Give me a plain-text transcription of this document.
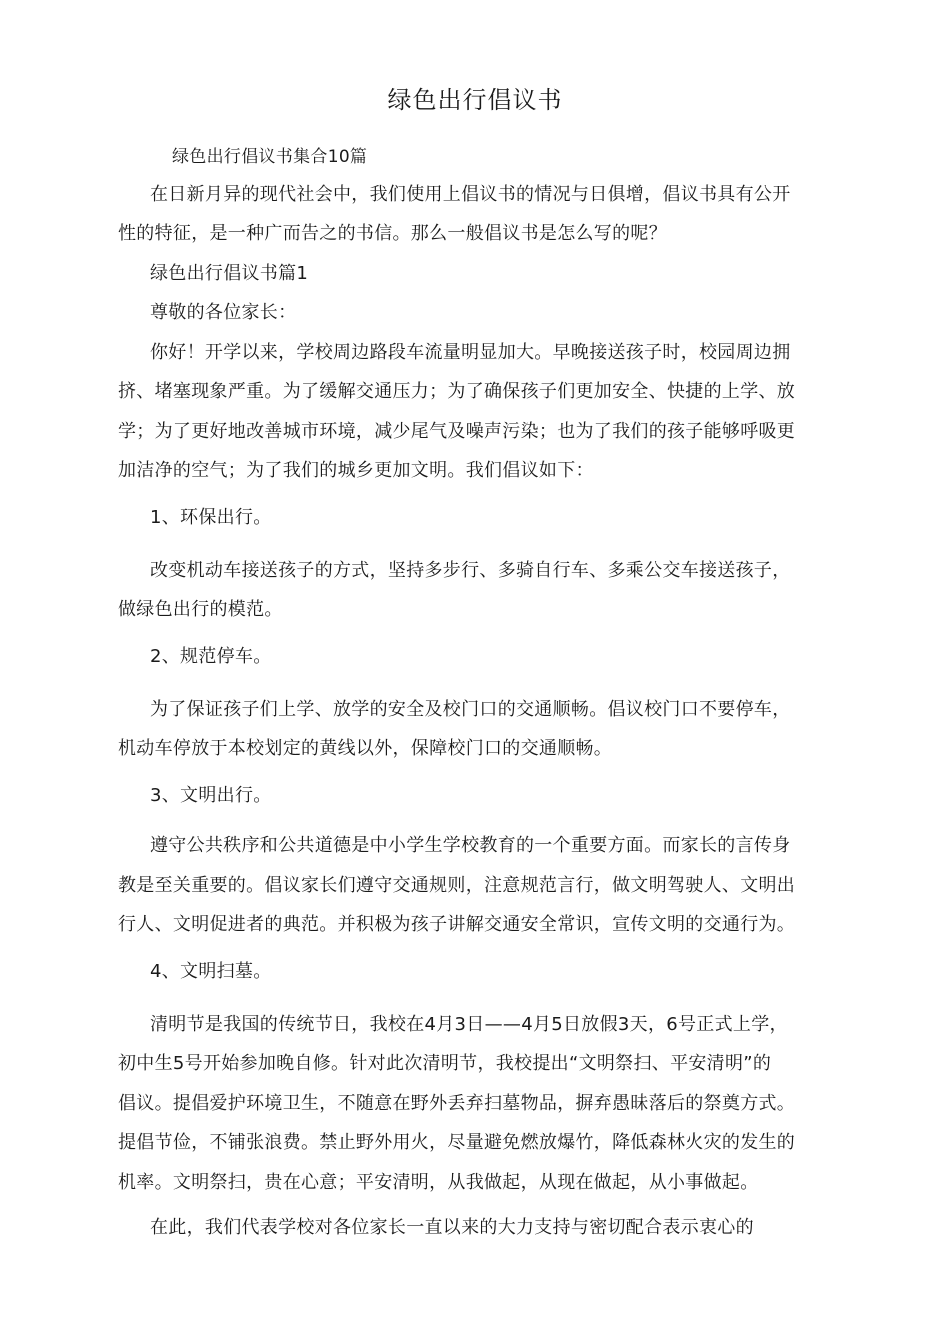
绿色出行倡议书
绿色出行倡议书集合10篇
在日新月异的现代社会中，我们使用上倡议书的情况与日俱增，倡议书具有公开
性的特征，是一种广而告之的书信。那么一般倡议书是怎么写的呢？
绿色出行倡议书篇1
尊敬的各位家长：
你好！开学以来，学校周边路段车流量明显加大。早晚接送孩子时，校园周边拥
挤、堵塞现象严重。为了缓解交通压力；为了确保孩子们更加安全、快捷的上学、放
学；为了更好地改善城市环境，减少尾气及噪声污染；也为了我们的孩子能够呼吸更
加洁净的空气；为了我们的城乡更加文明。我们倡议如下：
1、环保出行。
改变机动车接送孩子的方式，坚持多步行、多骑自行车、多乘公交车接送孩子，
做绿色出行的模范。
2、规范停车。
为了保证孩子们上学、放学的安全及校门口的交通顺畅。倡议校门口不要停车，
机动车停放于本校划定的黄线以外，保障校门口的交通顺畅。
3、文明出行。
遵守公共秩序和公共道德是中小学生学校教育的一个重要方面。而家长的言传身
教是至关重要的。倡议家长们遵守交通规则，注意规范言行，做文明驾驶人、文明出
行人、文明促进者的典范。并积极为孩子讲解交通安全常识，宣传文明的交通行为。
4、文明扫墓。
清明节是我国的传统节日，我校在4月3日——4月5日放假3天，6号正式上学，
初中生5号开始参加晚自修。针对此次清明节，我校提出“文明祭扫、平安清明”的
倡议。提倡爱护环境卫生，不随意在野外丢弃扫墓物品，摒弃愚昧落后的祭奠方式。
提倡节俭，不铺张浪费。禁止野外用火，尽量避免燃放爆竹，降低森林火灾的发生的
机率。文明祭扫，贵在心意；平安清明，从我做起，从现在做起，从小事做起。
在此，我们代表学校对各位家长一直以来的大力支持与密切配合表示衷心的
